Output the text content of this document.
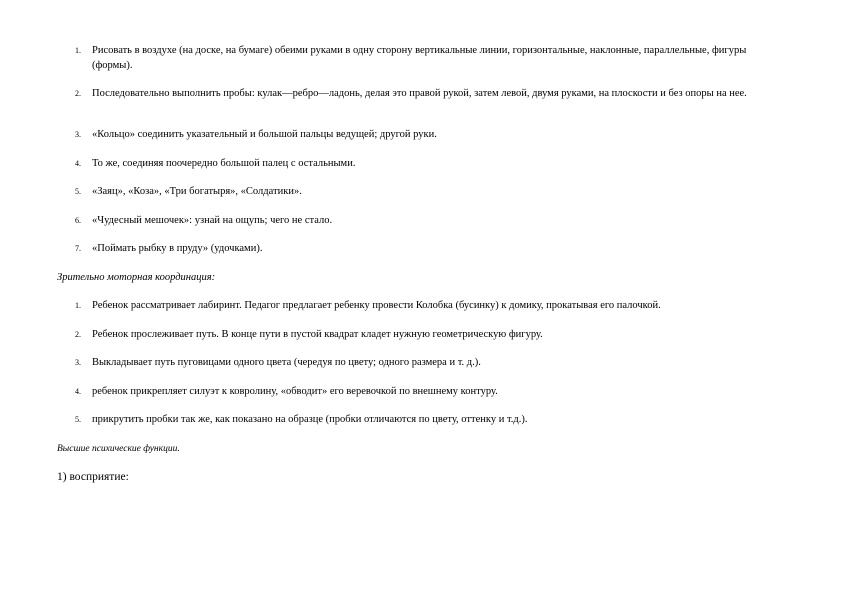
1. Рисовать в воздухе (на доске, на бумаге) обеими руками в одну сторону вертикальные линии, горизонтальные, наклонные, параллельные, фигуры (формы).
2. Последовательно выполнить пробы: кулак—ребро—ладонь, делая это правой рукой, затем левой, двумя руками, на плоскости и без опоры на нее.
3. «Кольцо» соединить указательный и большой пальцы ведущей; другой руки.
4. То же, соединяя поочередно большой палец с остальными.
5. «Заяц», «Коза», «Три богатыря», «Солдатики».
6. «Чудесный мешочек»: узнай на ощупь; чего не стало.
7. «Поймать рыбку в пруду» (удочками).
Зрительно моторная координация:
1. Ребенок рассматривает лабиринт. Педагог предлагает ребенку провести Колобка (бусинку) к домику, прокатывая его палочкой.
2. Ребенок прослеживает путь. В конце пути в пустой квадрат кладет нужную геометрическую фигуру.
3. Выкладывает путь пуговицами одного цвета (чередуя по цвету; одного размера и т. д.).
4. ребенок прикрепляет силуэт к ковролину, «обводит» его веревочкой по внешнему контуру.
5. прикрутить пробки так же, как показано на образце (пробки отличаются по цвету, оттенку и т.д.).
Высшие психические функции.
1) восприятие:
